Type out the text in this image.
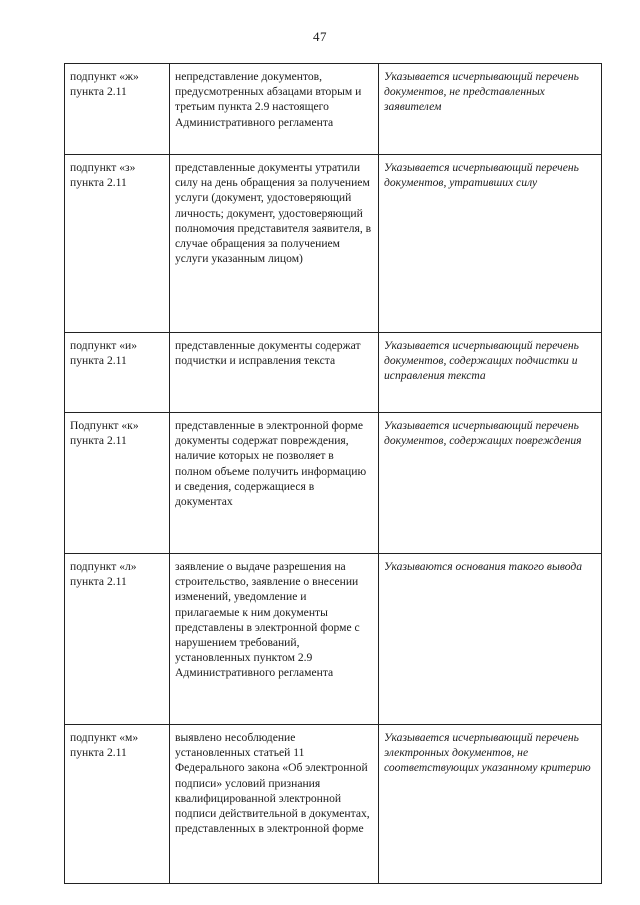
47
подпункт «ж» пункта 2.11	непредставление документов, предусмотренных абзацами вторым и третьим пункта 2.9 настоящего Административного регламента	Указывается исчерпывающий перечень документов, не представленных заявителем
подпункт «з» пункта 2.11	представленные документы утратили силу на день обращения за получением услуги (документ, удостоверяющий личность; документ, удостоверяющий полномочия представителя заявителя, в случае обращения за получением услуги указанным лицом)	Указывается исчерпывающий перечень документов, утративших силу
подпункт «и» пункта 2.11	представленные документы содержат подчистки и исправления текста	Указывается исчерпывающий перечень документов, содержащих подчистки и исправления текста
Подпункт «к» пункта 2.11	представленные в электронной форме документы содержат повреждения, наличие которых не позволяет в полном объеме получить информацию и сведения, содержащиеся в документах	Указывается исчерпывающий перечень документов, содержащих повреждения
подпункт «л» пункта 2.11	заявление о выдаче разрешения на строительство, заявление о внесении изменений, уведомление и прилагаемые к ним документы представлены в электронной форме с нарушением требований, установленных пунктом 2.9 Административного регламента	Указываются основания такого вывода
подпункт «м» пункта 2.11	выявлено несоблюдение установленных статьей 11 Федерального закона «Об электронной подписи» условий признания квалифицированной электронной подписи действительной в документах, представленных в электронной форме	Указывается исчерпывающий перечень электронных документов, не соответствующих указанному критерию
